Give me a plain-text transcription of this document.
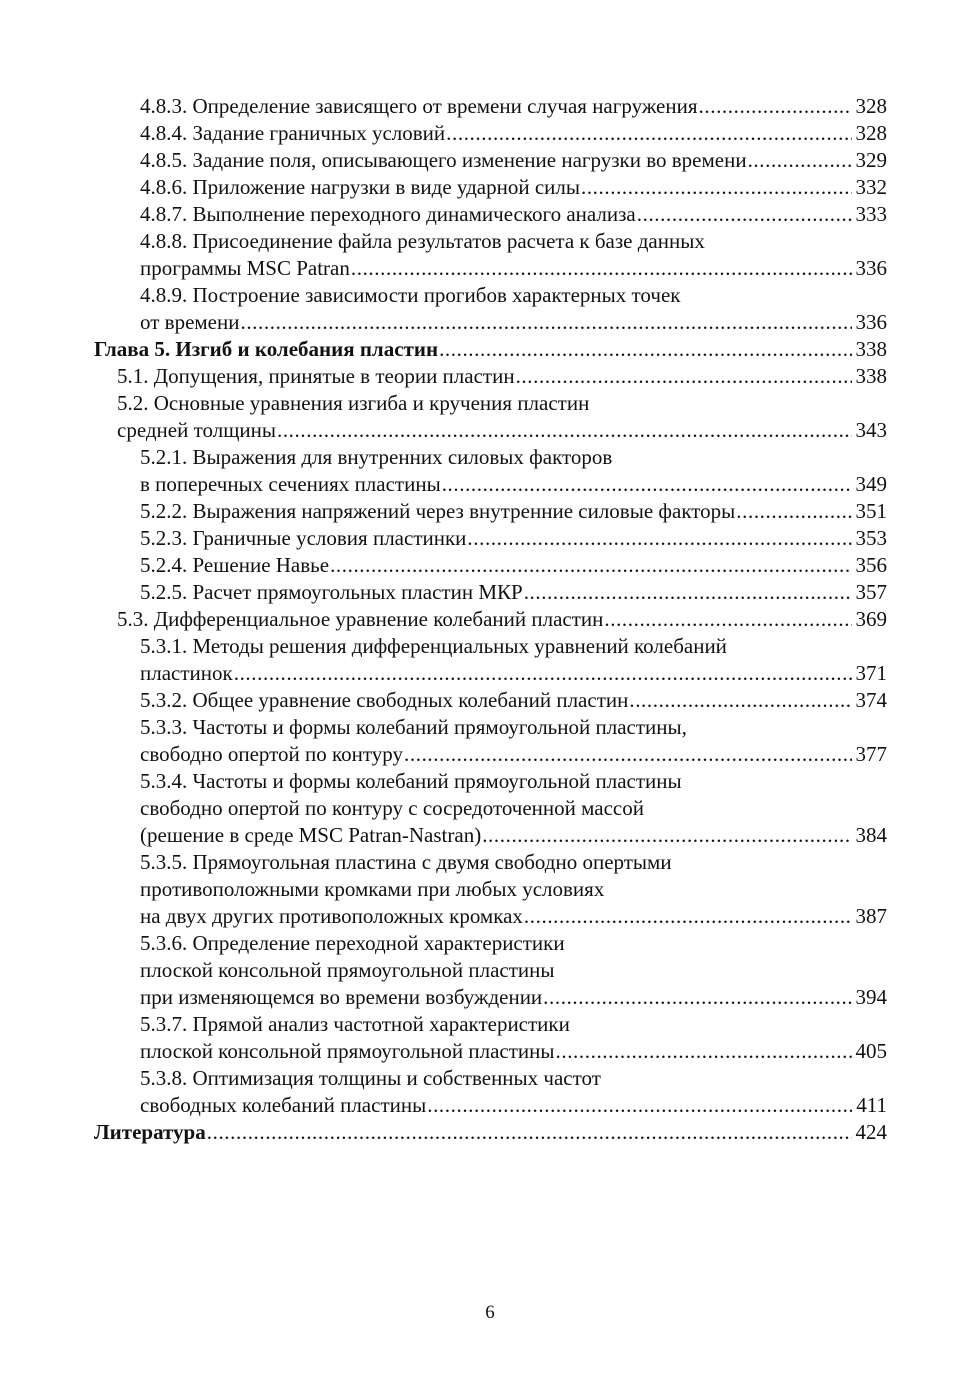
4.8.3. Определение зависящего от времени случая нагружения .....	328
4.8.4. Задание граничных условий .....	328
4.8.5. Задание поля, описывающего изменение нагрузки во времени .....	329
4.8.6. Приложение нагрузки в виде ударной силы .....	332
4.8.7. Выполнение переходного динамического анализа .....	333
4.8.8. Присоединение файла результатов расчета к базе данных
программы MSC Patran .....	336
4.8.9. Построение зависимости прогибов характерных точек
от времени .....	336
Глава 5. Изгиб и колебания пластин .....	338
5.1. Допущения, принятые в теории пластин .....	338
5.2. Основные уравнения изгиба и кручения пластин
средней толщины .....	343
5.2.1. Выражения для внутренних силовых факторов
в поперечных сечениях пластины .....	349
5.2.2. Выражения напряжений через внутренние силовые факторы .....	351
5.2.3. Граничные условия пластинки .....	353
5.2.4. Решение Навье .....	356
5.2.5. Расчет прямоугольных пластин МКР .....	357
5.3. Дифференциальное уравнение колебаний пластин .....	369
5.3.1. Методы решения дифференциальных уравнений колебаний
пластинок .....	371
5.3.2. Общее уравнение свободных колебаний пластин .....	374
5.3.3. Частоты и формы колебаний прямоугольной пластины,
свободно опертой по контуру .....	377
5.3.4. Частоты и формы колебаний прямоугольной пластины
свободно опертой по контуру с сосредоточенной массой
(решение в среде MSC Patran-Nastran) .....	384
5.3.5. Прямоугольная пластина с двумя свободно опертыми
противоположными кромками при любых условиях
на двух других противоположных кромках .....	387
5.3.6. Определение переходной характеристики
плоской консольной прямоугольной пластины
при изменяющемся во времени возбуждении .....	394
5.3.7. Прямой анализ частотной характеристики
плоской консольной прямоугольной пластины .....	405
5.3.8. Оптимизация толщины и собственных частот
свободных колебаний пластины .....	411
Литература .....	424
6
